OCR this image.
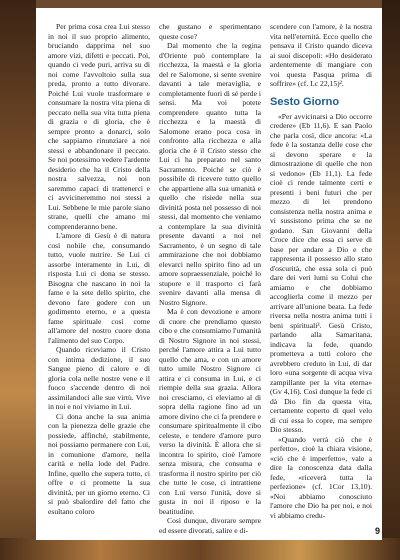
Per prima cosa crea Lui stesso in noi il suo proprio alimento, bruciando dapprima nel suo amore vizi, difetti e peccati. Poi, quando ci vede puri, arriva su di noi come l'avvoltoio sulla sua preda, pronto a tutto divorare. Poiché Lui vuole trasformare e consumare la nostra vita piena di peccato nella sua vita tutta piena di grazia e di gloria, che è sempre pronto a donarci, solo che sappiamo rinunziare a noi stessi e abbandonare il peccato. Se noi potessimo vedere l'ardente desiderio che ha il Cristo della nostra salvezza, noi non saremmo capaci di trattenerci e ci avvicineremmo noi stessi a Lui. Sebbene le mie parole siano strane, quelli che amano mi comprenderanno bene.

L'amore di Gesù è di natura così nobile che, consumando tutto, vuole nutrire. Se Lui ci assorbe interamente in Lui, di risposta Lui ci dona se stesso. Bisogna che nascano in noi la fame e la sete dello spirito, che devono fare godere con un godimento eterno, e a questa fame spirituale così come all'amore del nostro cuore dona l'alimento del suo Corpo.

Quando riceviamo il Cristo con intima dedizione, il suo Sangue pieno di calore e di gloria cola nelle nostre vene e il fuoco s'accende dentro di noi assimilandoci alle sue virtù. Vive in noi e noi viviamo in Lui.

Ci dona anche la sua anima con la pienezza delle grazie che possiede, affinché, stabilmente, noi possiamo permanere con Lui, in comunione d'amore, nella carità e nella lode del Padre. Infine, quello che supera tutto, ci offre e ci promette la sua divinità, per un giorno eterno. Ci si può sbalordire del fatto che esultano coloro

che gustano e sperimentano queste cose?

Dal momento che la regina d'Oriente può contemplare la ricchezza, la maestà e la gloria del re Salomone, si sente svenire davanti a tale meraviglia, e completamente fuori di sé perde i sensi. Ma voi potete comprendere quanto tutta la ricchezza e la maestà di Salomone erano poca cosa in confronto alla ricchezza e alla gloria che è il Cristo stesso che Lui ci ha preparato nel santo Sacramento. Poiché se ciò è possibile di ricevere tutto quello che appartiene alla sua umanità e quello che risiede nella sua divinità posta nel possesso di noi stessi, dal momento che veniamo a contemplare la sua divinità presente davanti a noi nel Sacramento, è un segno di tale ammirazione che noi dobbiamo elevarci nello spirito fino ad un amore sopraessenziale, poiché lo stupore e il trasporto ci farà svenire davanti alla mensa di Nostro Signore.

Ma è con devozione e amore di cuore che prendiamo questo cibo e che consumiamo l'umanità di Nostro Signore in noi stessi, perché l'amore attira a Lui tutto quello che ama, e con un amore tutto umile Nostro Signore ci attira e ci consuma in Lui, e ci riempie della sua grazia. Allora noi cresciamo, ci eleviamo al di sopra della ragione fino ad un amore divino che ci fa prendere e consumare spiritualmente il cibo celeste, e tendere d'amore puro verso la divinità. È allora che si incontra lo spirito, cioè l'amore senza misura, che consuma e trasforma il nostro spirito per ciò che tutte le cose, ci intrattiene con Lui verso l'unità, dove si gusta in noi il riposo e la beatitudine.

Così dunque, divorare sempre ed essere divorati, salire e di-

scendere con l'amore, è la nostra vita nell'eternità. Ecco quello che pensava il Cristo quando diceva ai suoi discepoli: «Ho desiderato ardentemente di mangiare con voi questa Pasqua prima di soffrire» (cf. Lc 22,15)².

Sesto Giorno

«Per avvicinarsi a Dio occorre credere» (Eb 11,6). E san Paolo che parla così, dice ancora: «La fede è la sostanza delle cose che si devono sperare e la dimostrazione di quelle che non si vedono» (Eb 11,1). La fede cioè ci rende talmente certi e presenti i beni futuri che per mezzo di lei prendono consistenza nella nostra anima e vi sussistono prima che se ne godano. San Giovanni della Croce dice che essa ci serve di base per andare a Dio e che rappresenta il possesso allo stato d'oscurità, che essa sola ci può dare dei veri lumi su Colui che amiamo e che dobbiamo accoglierla come il mezzo per arrivare all'unione beata. La fede riversa nella nostra anima tutti i beni spirituali³. Gesù Cristo, parlando alla Samaritana, indicava la fede, quando prometteva a tutti coloro che avrebbero creduto in Lui, di dar loro «una sorgente di acqua viva zampillante per la vita eterna» (Gv 4,16). Così dunque la fede ci dà Dio fin da questa vita, certamente coperto di quel velo di cui essa lo copre, ma sempre Dio stesso.

«Quando verrà ciò che è perfetto», cioè la chiara visione, «ciò che è imperfetto», vale a dire la conoscenza data dalla fede, «riceverà tutta la perfezione» (cf. 1Cor 13,10). «Noi abbiamo conosciuto l'amore che Dio ha per noi, e noi vi abbiamo credu-

9
